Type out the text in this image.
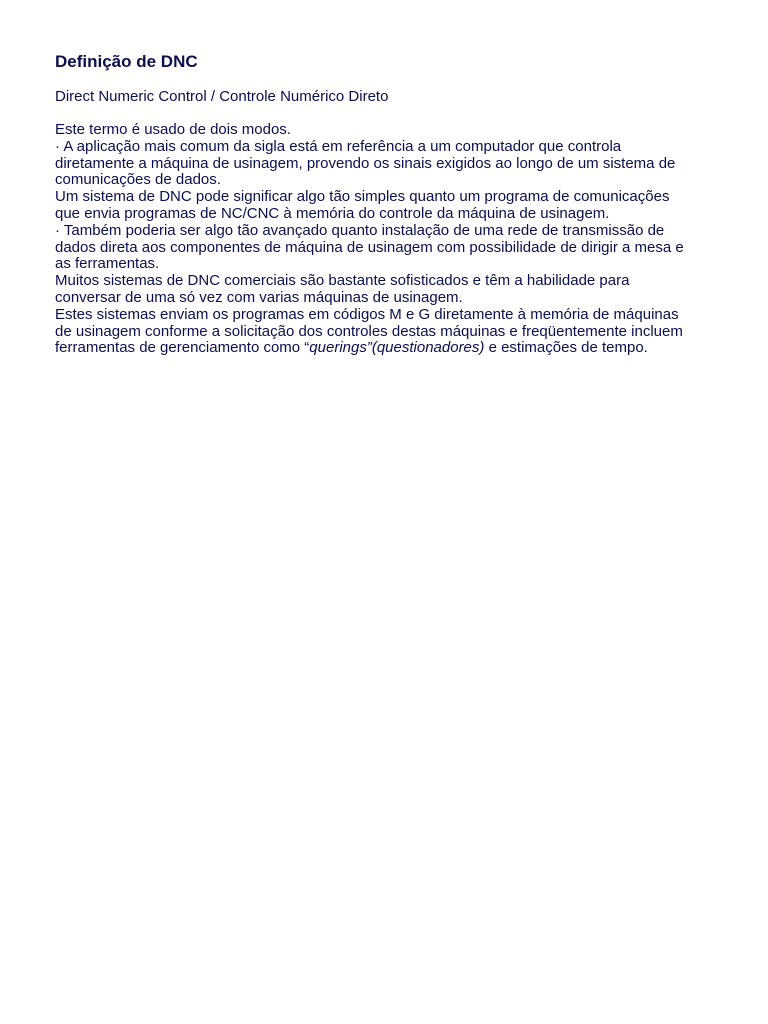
Definição de DNC

Direct Numeric Control / Controle Numérico Direto

Este termo é usado de dois modos.
· A aplicação mais comum da sigla está em referência a um computador que controla
diretamente a máquina de usinagem, provendo os sinais exigidos ao longo de um sistema de
comunicações de dados.
Um sistema de DNC pode significar algo tão simples quanto um programa de comunicações
que envia programas de NC/CNC à memória do controle da máquina de usinagem.
· Também poderia ser algo tão avançado quanto instalação de uma rede de transmissão de
dados direta aos componentes de máquina de usinagem com possibilidade de dirigir a mesa e
as ferramentas.
Muitos sistemas de DNC comerciais são bastante sofisticados e têm a habilidade para
conversar de uma só vez com varias máquinas de usinagem.
Estes sistemas enviam os programas em códigos M e G diretamente à memória de máquinas
de usinagem conforme a solicitação dos controles destas máquinas e freqüentemente incluem
ferramentas de gerenciamento como “querings”(questionadores) e estimações de tempo.
